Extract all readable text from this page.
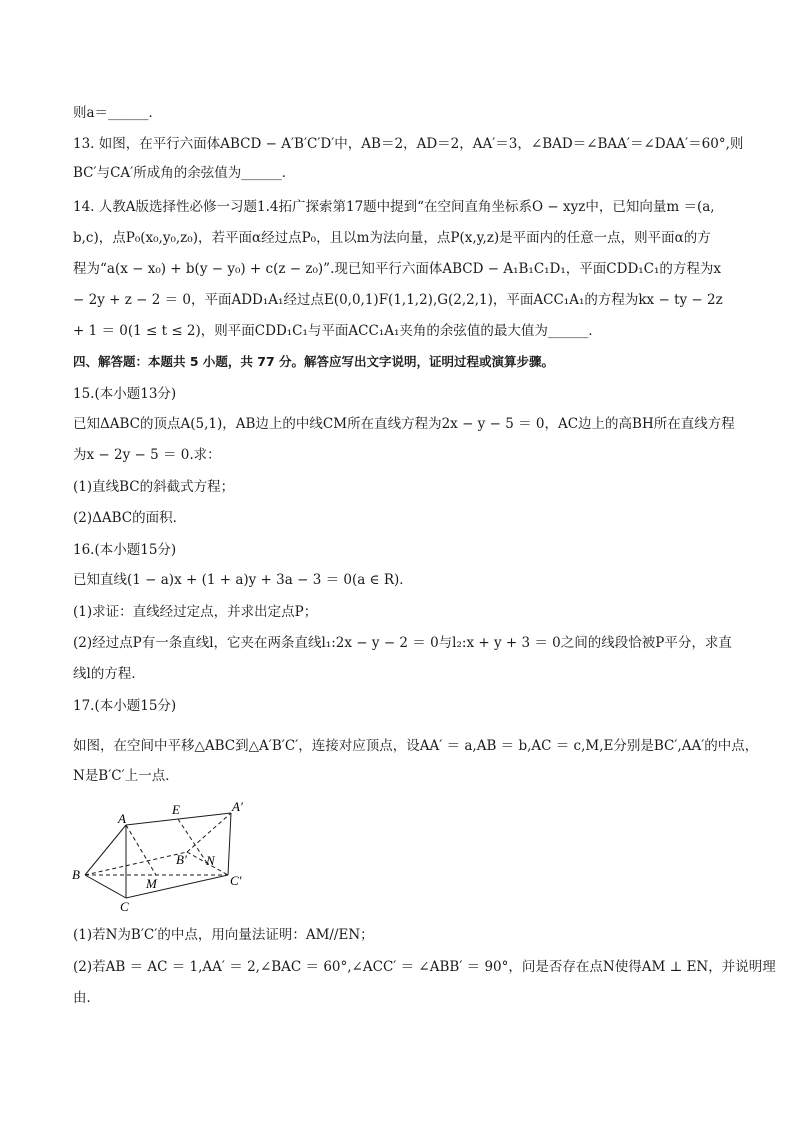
则a＝______．
13. 如图，在平行六面体ABCD − A′B′C′D′中，AB＝2，AD＝2，AA′＝3，∠BAD＝∠BAA′＝∠DAA′＝60°,则
BC′与CA′所成角的余弦值为______．
14. 人教A版选择性必修一习题1.4拓广探索第17题中提到“在空间直角坐标系O − xyz中，已知向量m ＝(a,
b,c)，点P₀(x₀,y₀,z₀)，若平面α经过点P₀，且以m为法向量，点P(x,y,z)是平面内的任意一点，则平面α的方
程为“a(x − x₀) + b(y − y₀) + c(z − z₀)”.现已知平行六面体ABCD − A₁B₁C₁D₁，平面CDD₁C₁的方程为x
− 2y + z − 2 ＝ 0，平面ADD₁A₁经过点E(0,0,1)F(1,1,2),G(2,2,1)，平面ACC₁A₁的方程为kx − ty − 2z
+ 1 ＝ 0(1 ≤ t ≤ 2)，则平面CDD₁C₁与平面ACC₁A₁夹角的余弦值的最大值为______．
四、解答题：本题共 5 小题，共 77 分。解答应写出文字说明，证明过程或演算步骤。
15.(本小题13分)
已知ΔABC的顶点A(5,1)，AB边上的中线CM所在直线方程为2x − y − 5 ＝ 0，AC边上的高BH所在直线方程
为x − 2y − 5 ＝ 0.求：
(1)直线BC的斜截式方程；
(2)ΔABC的面积．
16.(本小题15分)
已知直线(1 − a)x + (1 + a)y + 3a − 3 ＝ 0(a ∈ R)．
(1)求证：直线经过定点，并求出定点P；
(2)经过点P有一条直线l，它夹在两条直线l₁:2x − y − 2 ＝ 0与l₂:x + y + 3 ＝ 0之间的线段恰被P平分，求直
线l的方程．
17.(本小题15分)
如图，在空间中平移△ABC到△A′B′C′，连接对应顶点，设AA′ ＝ a,AB ＝ b,AC ＝ c,M,E分别是BC′,AA′的中点，
N是B′C′上一点．
A
E	A′
B
B′ N
M	C′
C
(1)若N为B′C′的中点，用向量法证明：AM//EN；
(2)若AB ＝ AC ＝ 1,AA′ ＝ 2,∠BAC ＝ 60°,∠ACC′ ＝ ∠ABB′ ＝ 90°，问是否存在点N使得AM ⊥ EN，并说明理
由．
